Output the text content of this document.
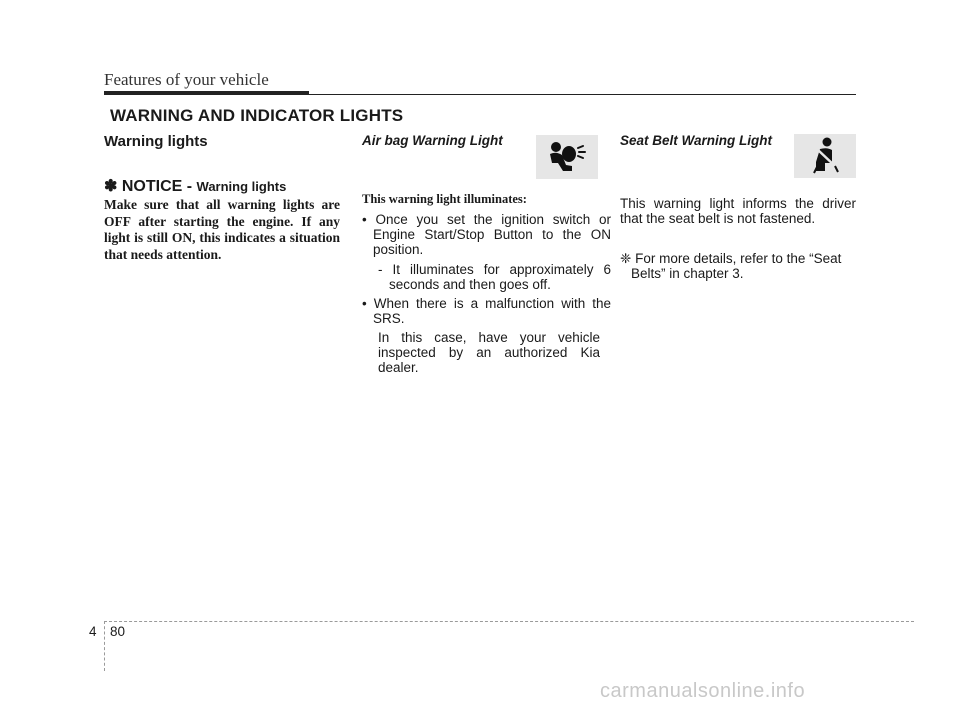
Features of your vehicle
WARNING AND INDICATOR LIGHTS
Warning lights
✽ NOTICE - Warning lights
Make sure that all warning lights are OFF after starting the engine. If any light is still ON, this indicates a situation that needs attention.
Air bag Warning Light
This warning light illuminates:
• Once you set the ignition switch or Engine Start/Stop Button to the ON position.
- It illuminates for approximately 6 seconds and then goes off.
• When there is a malfunction with the SRS.
In this case, have your vehicle inspected by an authorized Kia dealer.
Seat Belt Warning Light
This warning light informs the driver that the seat belt is not fastened.
❈ For more details, refer to the “Seat Belts” in chapter 3.
4 80
carmanualsonline.info
